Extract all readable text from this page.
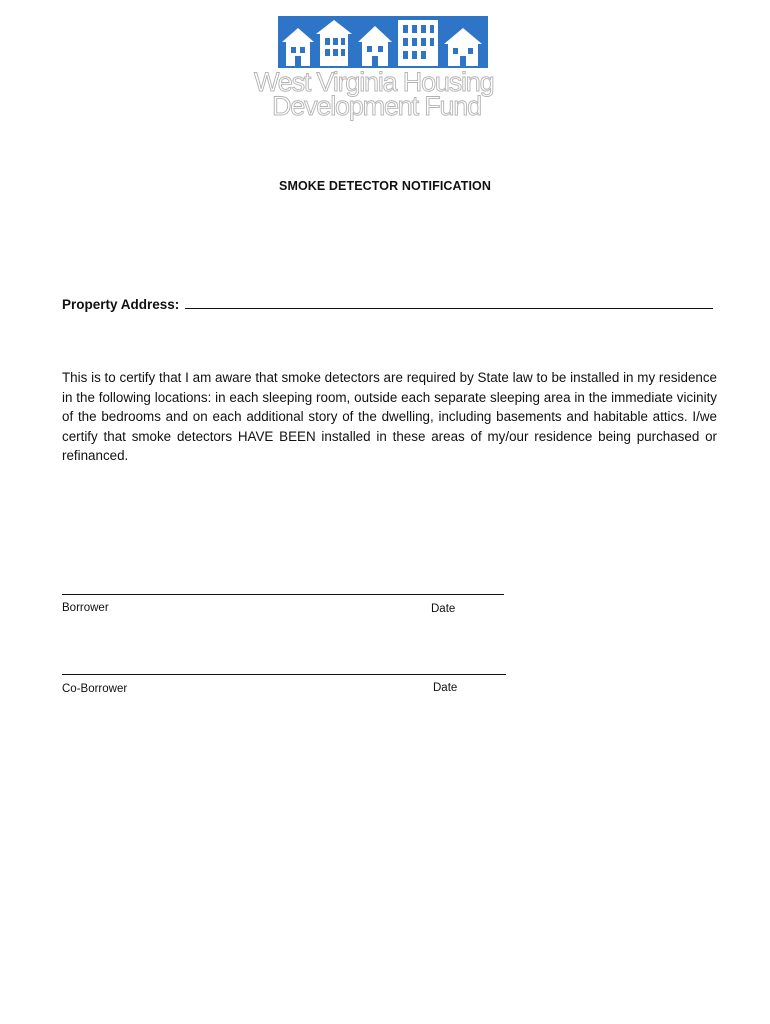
West Virginia Housing
Development Fund
SMOKE DETECTOR NOTIFICATION
Property Address:
This is to certify that I am aware that smoke detectors are required by State law to be installed in my residence in the following locations: in each sleeping room, outside each separate sleeping area in the immediate vicinity of the bedrooms and on each additional story of the dwelling, including basements and habitable attics. I/we certify that smoke detectors HAVE BEEN installed in these areas of my/our residence being purchased or refinanced.
Borrower	Date
Co-Borrower	Date
